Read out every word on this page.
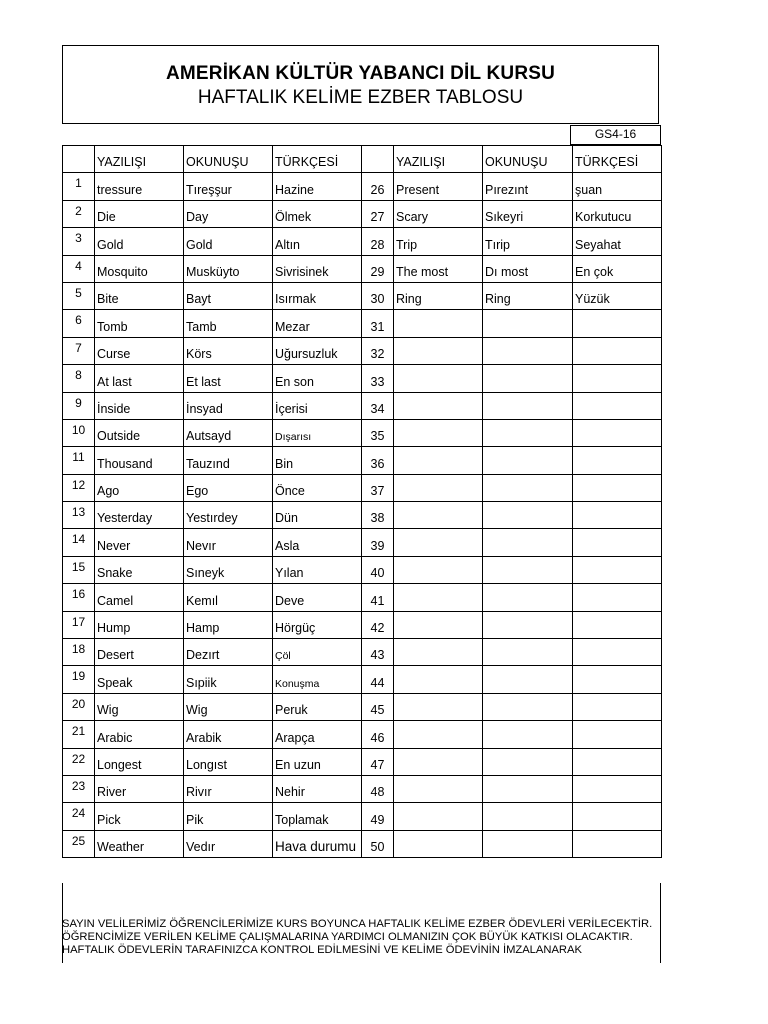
AMERİKAN KÜLTÜR YABANCI DİL KURSU
HAFTALIK KELİME EZBER TABLOSU
GS4-16
	YAZILIŞI	OKUNUŞU	TÜRKÇESİ		YAZILIŞI	OKUNUŞU	TÜRKÇESİ
1	tressure	Tıreşşur	Hazine	26	Present	Pırezınt	şuan
2	Die	Day	Ölmek	27	Scary	Sıkeyri	Korkutucu
3	Gold	Gold	Altın	28	Trip	Tırip	Seyahat
4	Mosquito	Musküyto	Sivrisinek	29	The most	Dı most	En çok
5	Bite	Bayt	Isırmak	30	Ring	Ring	Yüzük
6	Tomb	Tamb	Mezar	31			
7	Curse	Körs	Uğursuzluk	32			
8	At last	Et last	En son	33			
9	İnside	İnsyad	İçerisi	34			
10	Outside	Autsayd	Dışarısı	35			
11	Thousand	Tauzınd	Bin	36			
12	Ago	Ego	Önce	37			
13	Yesterday	Yestırdey	Dün	38			
14	Never	Nevır	Asla	39			
15	Snake	Sıneyk	Yılan	40			
16	Camel	Kemıl	Deve	41			
17	Hump	Hamp	Hörgüç	42			
18	Desert	Dezırt	Çöl	43			
19	Speak	Sıpiik	Konuşma	44			
20	Wig	Wig	Peruk	45			
21	Arabic	Arabik	Arapça	46			
22	Longest	Longıst	En uzun	47			
23	River	Rivır	Nehir	48			
24	Pick	Pik	Toplamak	49			
25	Weather	Vedır	Hava durumu	50			
SAYIN VELİLERİMİZ ÖĞRENCİLERİMİZE KURS BOYUNCA HAFTALIK KELİME EZBER ÖDEVLERİ VERİLECEKTİR. ÖĞRENCİMİZE VERİLEN KELİME ÇALIŞMALARINA YARDIMCI OLMANIZIN ÇOK BÜYÜK KATKISI OLACAKTIR. HAFTALIK ÖDEVLERİN TARAFINIZCA KONTROL EDİLMESİNİ VE KELİME ÖDEVİNİN İMZALANARAK
